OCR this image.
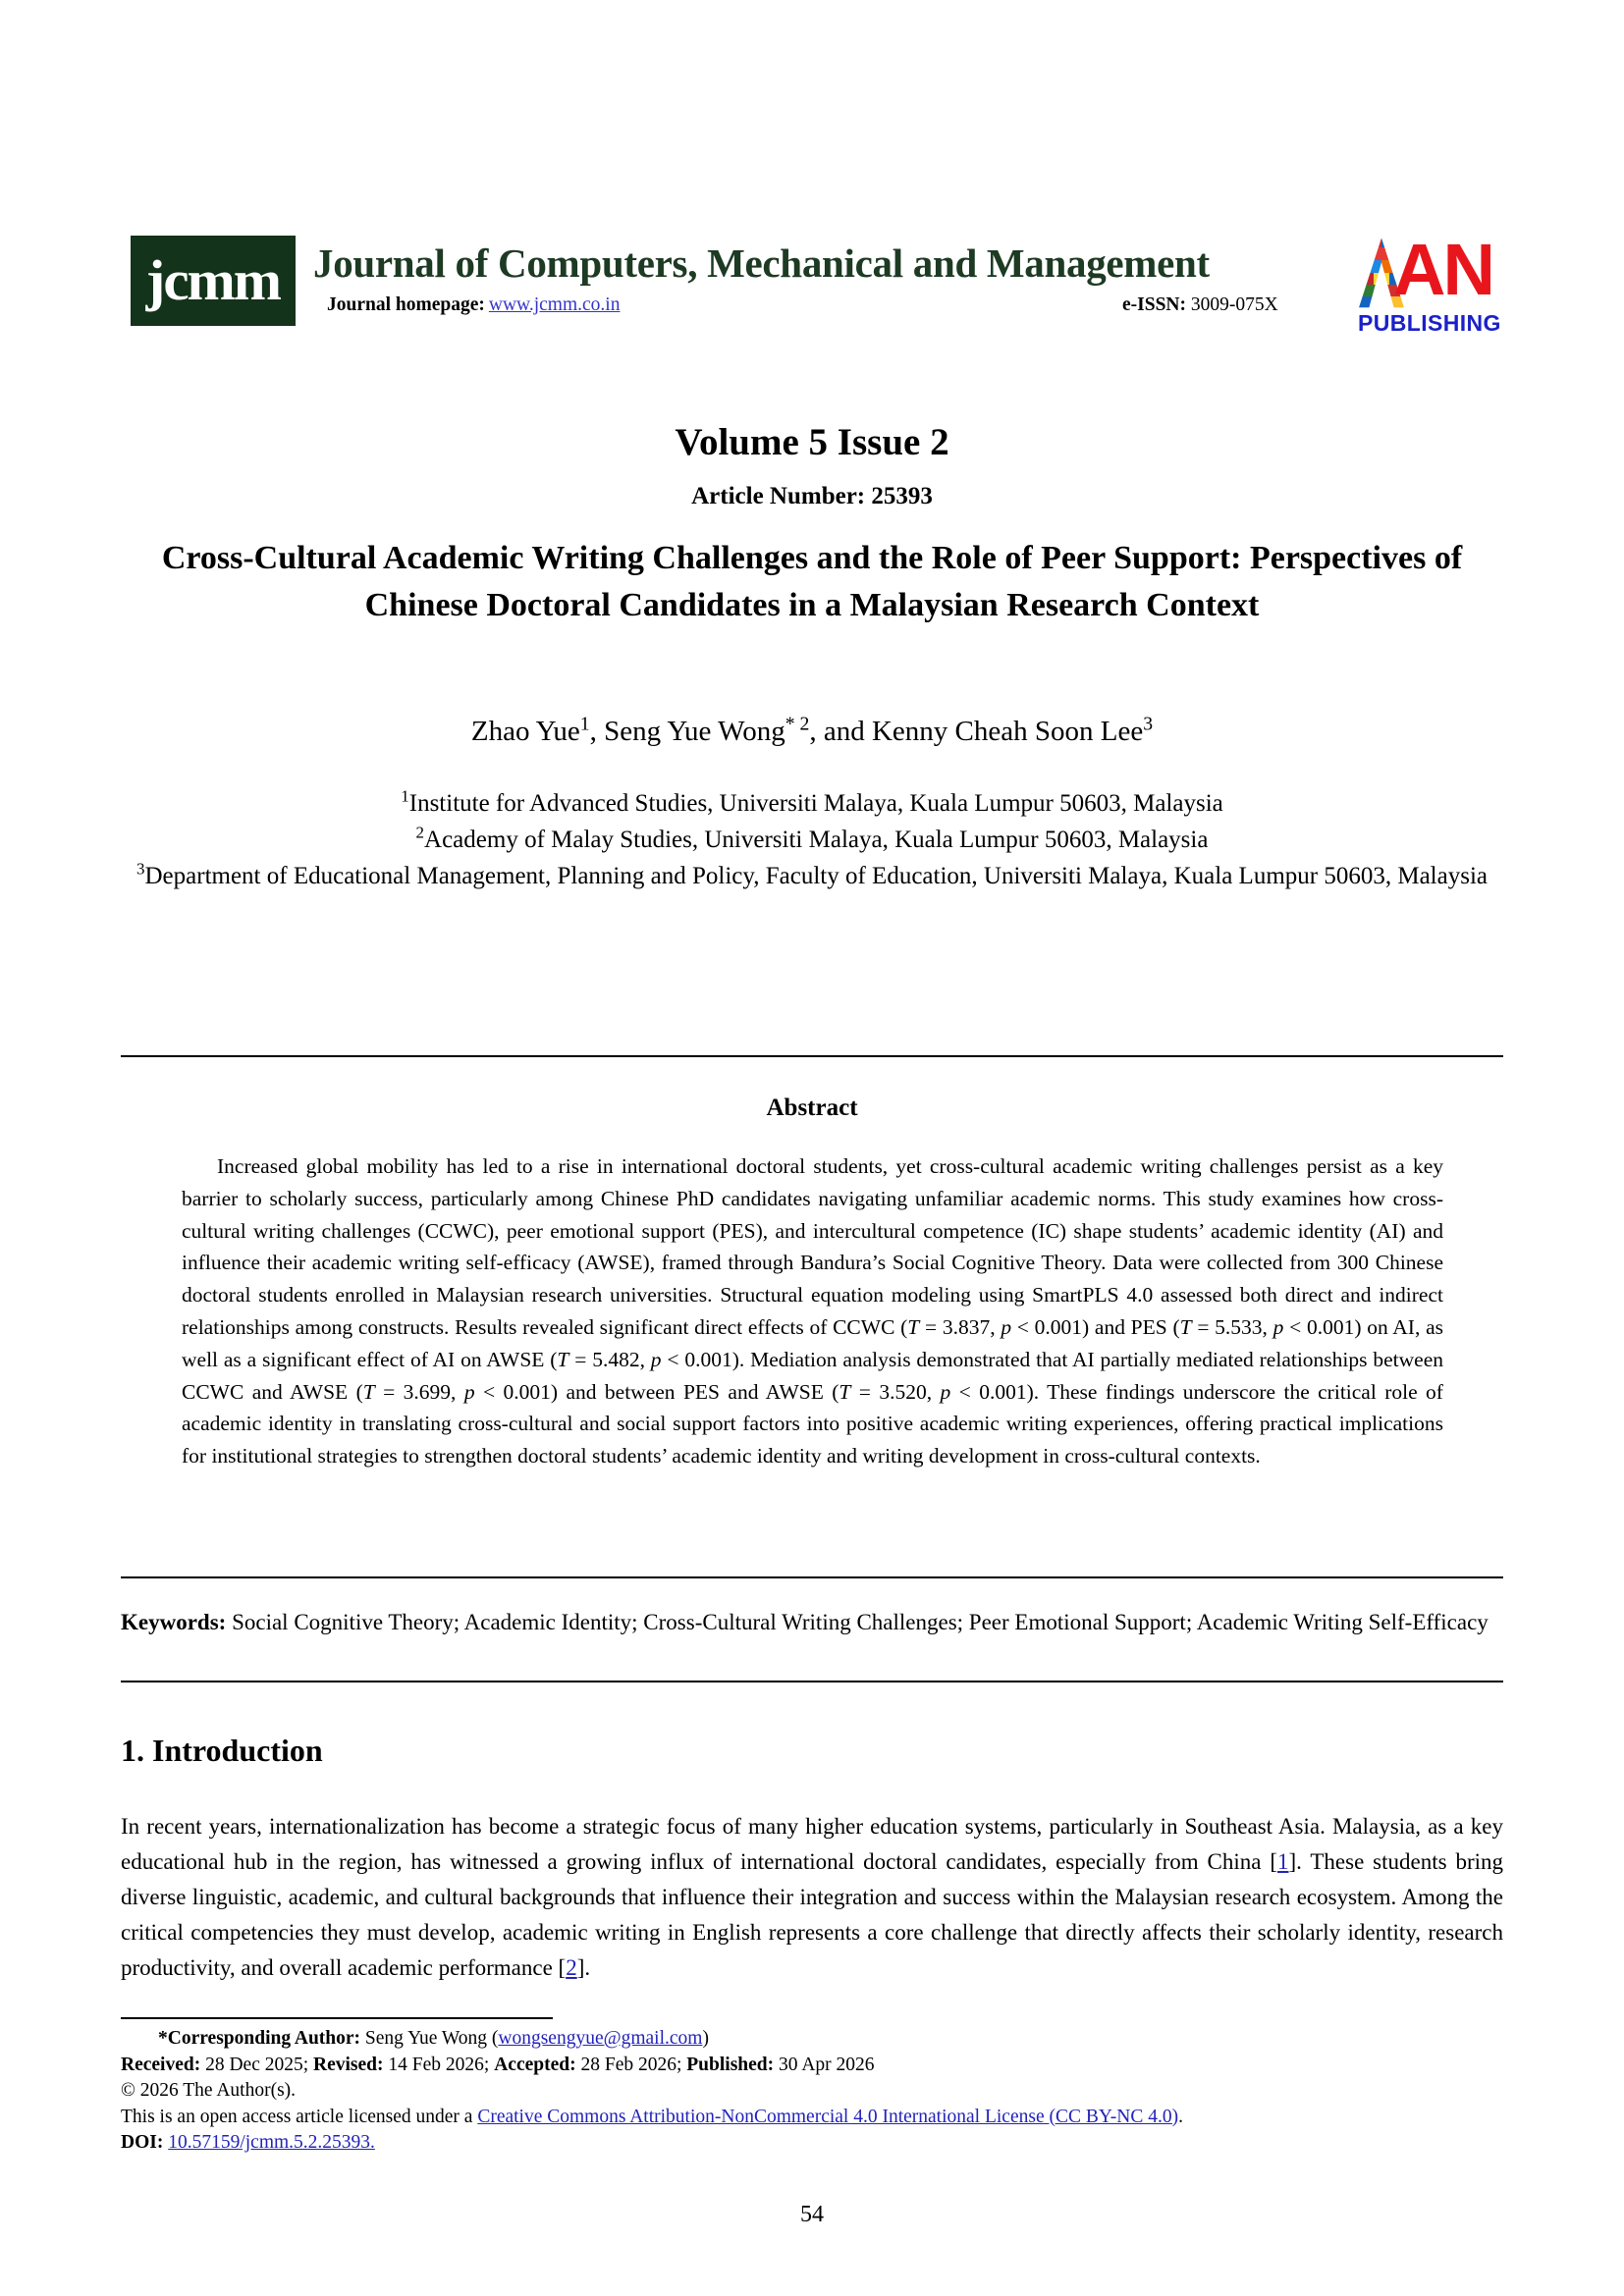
jcmm Journal of Computers, Mechanical and Management
Journal homepage: www.jcmm.co.in	e-ISSN: 3009-075X AN
PUBLISHING
Volume 5 Issue 2
Article Number: 25393
Cross-Cultural Academic Writing Challenges and the Role of Peer Support: Perspectives of Chinese Doctoral Candidates in a Malaysian Research Context
Zhao Yue$^1$, Seng Yue Wong$^{* 2}$, and Kenny Cheah Soon Lee$^3$
$^1$Institute for Advanced Studies, Universiti Malaya, Kuala Lumpur 50603, Malaysia
$^2$Academy of Malay Studies, Universiti Malaya, Kuala Lumpur 50603, Malaysia
$^3$Department of Educational Management, Planning and Policy, Faculty of Education, Universiti Malaya, Kuala Lumpur 50603, Malaysia
Abstract
Increased global mobility has led to a rise in international doctoral students, yet cross-cultural academic writing challenges persist as a key barrier to scholarly success, particularly among Chinese PhD candidates navigating unfamiliar academic norms. This study examines how cross-cultural writing challenges (CCWC), peer emotional support (PES), and intercultural competence (IC) shape students’ academic identity (AI) and influence their academic writing self-efficacy (AWSE), framed through Bandura’s Social Cognitive Theory. Data were collected from 300 Chinese doctoral students enrolled in Malaysian research universities. Structural equation modeling using SmartPLS 4.0 assessed both direct and indirect relationships among constructs. Results revealed significant direct effects of CCWC (T = 3.837, p < 0.001) and PES (T = 5.533, p < 0.001) on AI, as well as a significant effect of AI on AWSE (T = 5.482, p < 0.001). Mediation analysis demonstrated that AI partially mediated relationships between CCWC and AWSE (T = 3.699, p < 0.001) and between PES and AWSE (T = 3.520, p < 0.001). These findings underscore the critical role of academic identity in translating cross-cultural and social support factors into positive academic writing experiences, offering practical implications for institutional strategies to strengthen doctoral students’ academic identity and writing development in cross-cultural contexts.
Keywords: Social Cognitive Theory; Academic Identity; Cross-Cultural Writing Challenges; Peer Emotional Support; Academic Writing Self-Efficacy
1. Introduction
In recent years, internationalization has become a strategic focus of many higher education systems, particularly in Southeast Asia. Malaysia, as a key educational hub in the region, has witnessed a growing influx of international doctoral candidates, especially from China [1]. These students bring diverse linguistic, academic, and cultural backgrounds that influence their integration and success within the Malaysian research ecosystem. Among the critical competencies they must develop, academic writing in English represents a core challenge that directly affects their scholarly identity, research productivity, and overall academic performance [2].
*Corresponding Author: Seng Yue Wong (wongsengyue@gmail.com)
Received: 28 Dec 2025; Revised: 14 Feb 2026; Accepted: 28 Feb 2026; Published: 30 Apr 2026
© 2026 The Author(s).
This is an open access article licensed under a Creative Commons Attribution-NonCommercial 4.0 International License (CC BY-NC 4.0).
DOI: 10.57159/jcmm.5.2.25393.
54
